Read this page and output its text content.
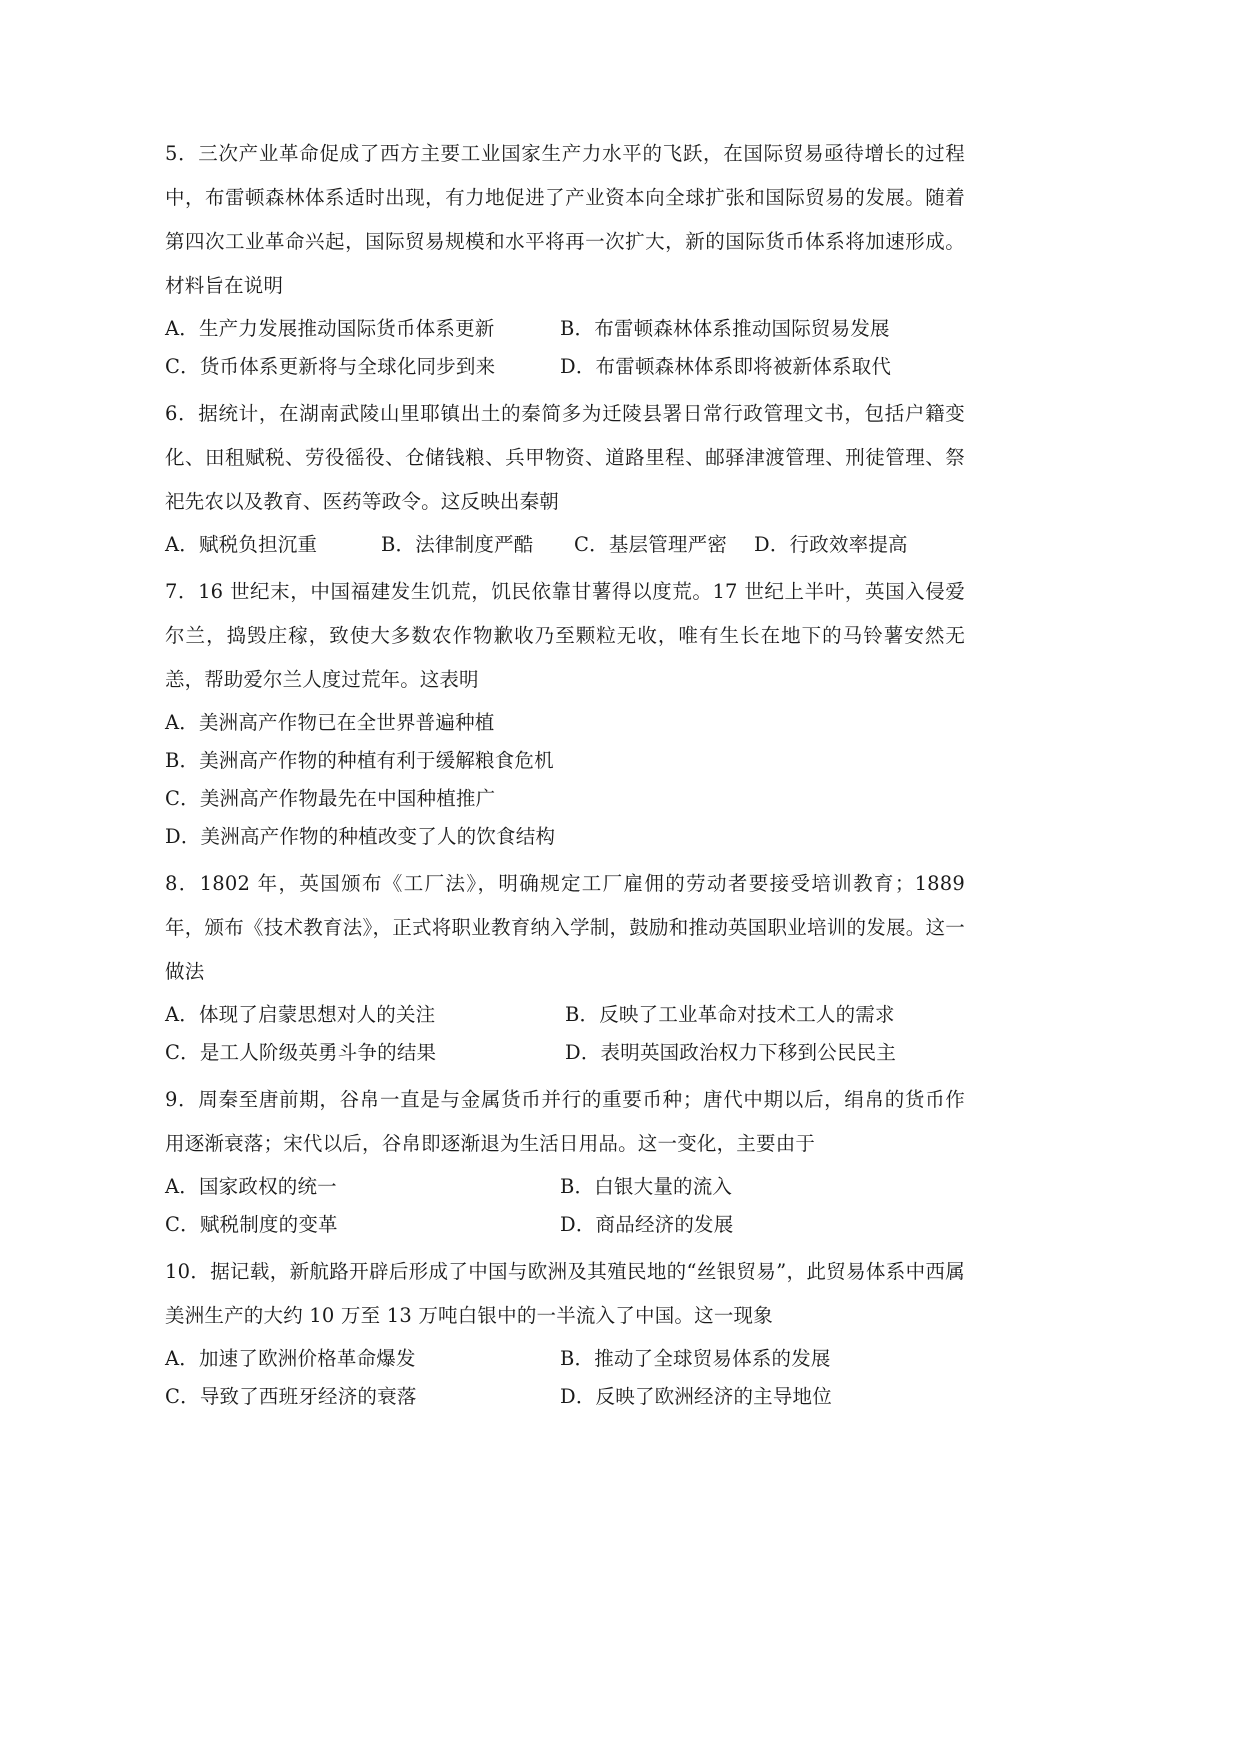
5．三次产业革命促成了西方主要工业国家生产力水平的飞跃，在国际贸易亟待增长的过程中，布雷顿森林体系适时出现，有力地促进了产业资本向全球扩张和国际贸易的发展。随着第四次工业革命兴起，国际贸易规模和水平将再一次扩大，新的国际货币体系将加速形成。材料旨在说明

A．生产力发展推动国际货币体系更新	B．布雷顿森林体系推动国际贸易发展
C．货币体系更新将与全球化同步到来	D．布雷顿森林体系即将被新体系取代

6．据统计，在湖南武陵山里耶镇出土的秦简多为迁陵县署日常行政管理文书，包括户籍变化、田租赋税、劳役徭役、仓储钱粮、兵甲物资、道路里程、邮驿津渡管理、刑徒管理、祭祀先农以及教育、医药等政令。这反映出秦朝

A．赋税负担沉重	B．法律制度严酷 C．基层管理严密 D．行政效率提高

7．16 世纪末，中国福建发生饥荒，饥民依靠甘薯得以度荒。17 世纪上半叶，英国入侵爱尔兰，捣毁庄稼，致使大多数农作物歉收乃至颗粒无收，唯有生长在地下的马铃薯安然无恙，帮助爱尔兰人度过荒年。这表明

A．美洲高产作物已在全世界普遍种植
B．美洲高产作物的种植有利于缓解粮食危机
C．美洲高产作物最先在中国种植推广
D．美洲高产作物的种植改变了人的饮食结构

8．1802 年，英国颁布《工厂法》，明确规定工厂雇佣的劳动者要接受培训教育；1889 年，颁布《技术教育法》，正式将职业教育纳入学制，鼓励和推动英国职业培训的发展。这一做法

A．体现了启蒙思想对人的关注	B．反映了工业革命对技术工人的需求
C．是工人阶级英勇斗争的结果	D．表明英国政治权力下移到公民民主

9．周秦至唐前期，谷帛一直是与金属货币并行的重要币种；唐代中期以后，绢帛的货币作用逐渐衰落；宋代以后，谷帛即逐渐退为生活日用品。这一变化，主要由于

A．国家政权的统一	B．白银大量的流入
C．赋税制度的变革	D．商品经济的发展

10．据记载，新航路开辟后形成了中国与欧洲及其殖民地的“丝银贸易”，此贸易体系中西属美洲生产的大约 10 万至 13 万吨白银中的一半流入了中国。这一现象

A．加速了欧洲价格革命爆发	B．推动了全球贸易体系的发展
C．导致了西班牙经济的衰落	D．反映了欧洲经济的主导地位
